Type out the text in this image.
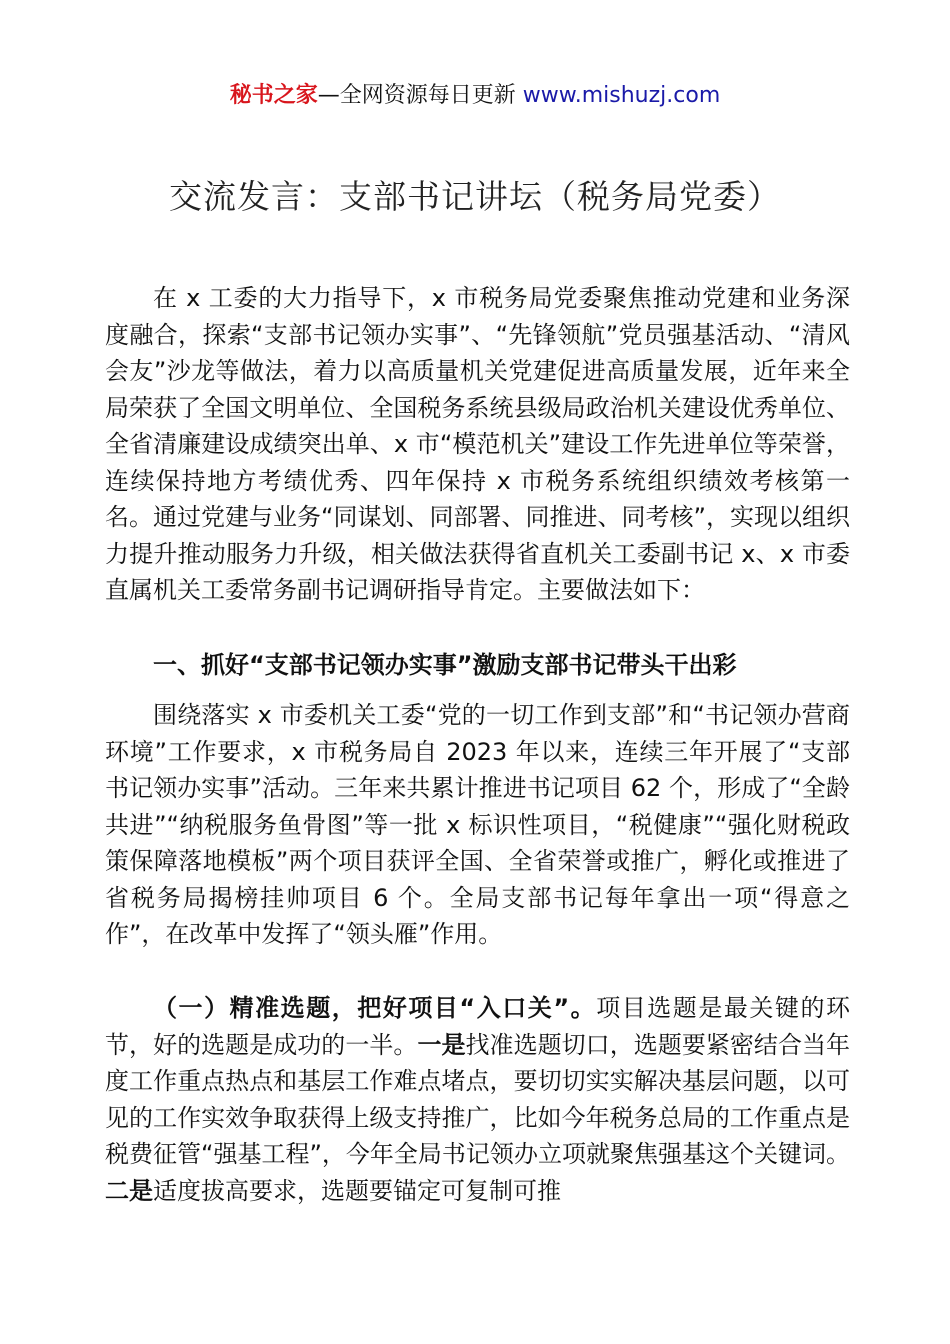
秘书之家—全网资源每日更新 www.mishuzj.com
交流发言：支部书记讲坛（税务局党委）

在 x 工委的大力指导下，x 市税务局党委聚焦推动党建和业务深度融合，探索“支部书记领办实事”、“先锋领航”党员强基活动、“清风会友”沙龙等做法，着力以高质量机关党建促进高质量发展，近年来全局荣获了全国文明单位、全国税务系统县级局政治机关建设优秀单位、全省清廉建设成绩突出单、x 市“模范机关”建设工作先进单位等荣誉，连续保持地方考绩优秀、四年保持 x 市税务系统组织绩效考核第一名。通过党建与业务“同谋划、同部署、同推进、同考核”，实现以组织力提升推动服务力升级，相关做法获得省直机关工委副书记 x、x 市委直属机关工委常务副书记调研指导肯定。主要做法如下：

一、抓好“支部书记领办实事”激励支部书记带头干出彩

围绕落实 x 市委机关工委“党的一切工作到支部”和“书记领办营商环境”工作要求，x 市税务局自 2023 年以来，连续三年开展了“支部书记领办实事”活动。三年来共累计推进书记项目 62 个，形成了“全龄共进”“纳税服务鱼骨图”等一批 x 标识性项目，“税健康”“强化财税政策保障落地模板”两个项目获评全国、全省荣誉或推广，孵化或推进了省税务局揭榜挂帅项目 6 个。全局支部书记每年拿出一项“得意之作”，在改革中发挥了“领头雁”作用。

（一）精准选题，把好项目“入口关”。项目选题是最关键的环节，好的选题是成功的一半。一是找准选题切口，选题要紧密结合当年度工作重点热点和基层工作难点堵点，要切切实实解决基层问题，以可见的工作实效争取获得上级支持推广，比如今年税务总局的工作重点是税费征管“强基工程”，今年全局书记领办立项就聚焦强基这个关键词。二是适度拔高要求，选题要锚定可复制可推
